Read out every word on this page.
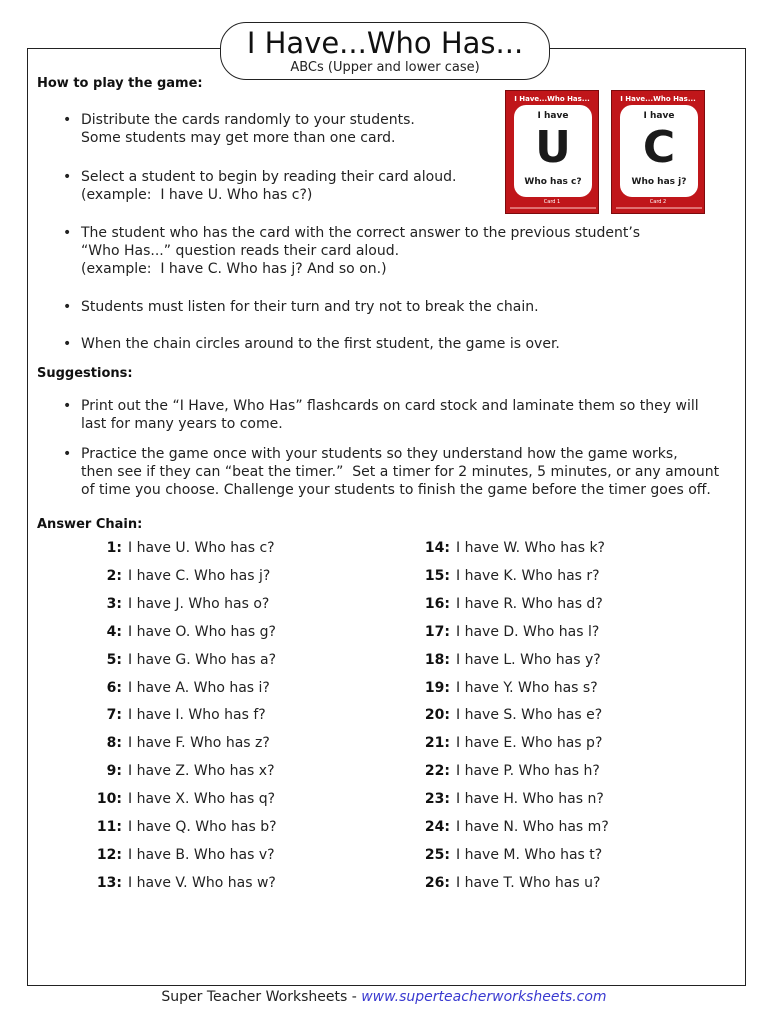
I Have...Who Has...
ABCs (Upper and lower case)
How to play the game:
• Distribute the cards randomly to your students.
Some students may get more than one card.
• Select a student to begin by reading their card aloud.
(example:  I have U. Who has c?)
• The student who has the card with the correct answer to the previous student’s
“Who Has...” question reads their card aloud.
(example:  I have C. Who has j? And so on.)
• Students must listen for their turn and try not to break the chain.
• When the chain circles around to the first student, the game is over.
I Have...Who Has...
I have
U
Who has c?
Card 1
I Have...Who Has...
I have
C
Who has j?
Card 2
Suggestions:
• Print out the “I Have, Who Has” flashcards on card stock and laminate them so they will
last for many years to come.
• Practice the game once with your students so they understand how the game works,
then see if they can “beat the timer.”  Set a timer for 2 minutes, 5 minutes, or any amount
of time you choose. Challenge your students to finish the game before the timer goes off.
Answer Chain:
1: I have U. Who has c?
2: I have C. Who has j?
3: I have J. Who has o?
4: I have O. Who has g?
5: I have G. Who has a?
6: I have A. Who has i?
7: I have I. Who has f?
8: I have F. Who has z?
9: I have Z. Who has x?
10: I have X. Who has q?
11: I have Q. Who has b?
12: I have B. Who has v?
13: I have V. Who has w?
14: I have W. Who has k?
15: I have K. Who has r?
16: I have R. Who has d?
17: I have D. Who has l?
18: I have L. Who has y?
19: I have Y. Who has s?
20: I have S. Who has e?
21: I have E. Who has p?
22: I have P. Who has h?
23: I have H. Who has n?
24: I have N. Who has m?
25: I have M. Who has t?
26: I have T. Who has u?
Super Teacher Worksheets - www.superteacherworksheets.com
